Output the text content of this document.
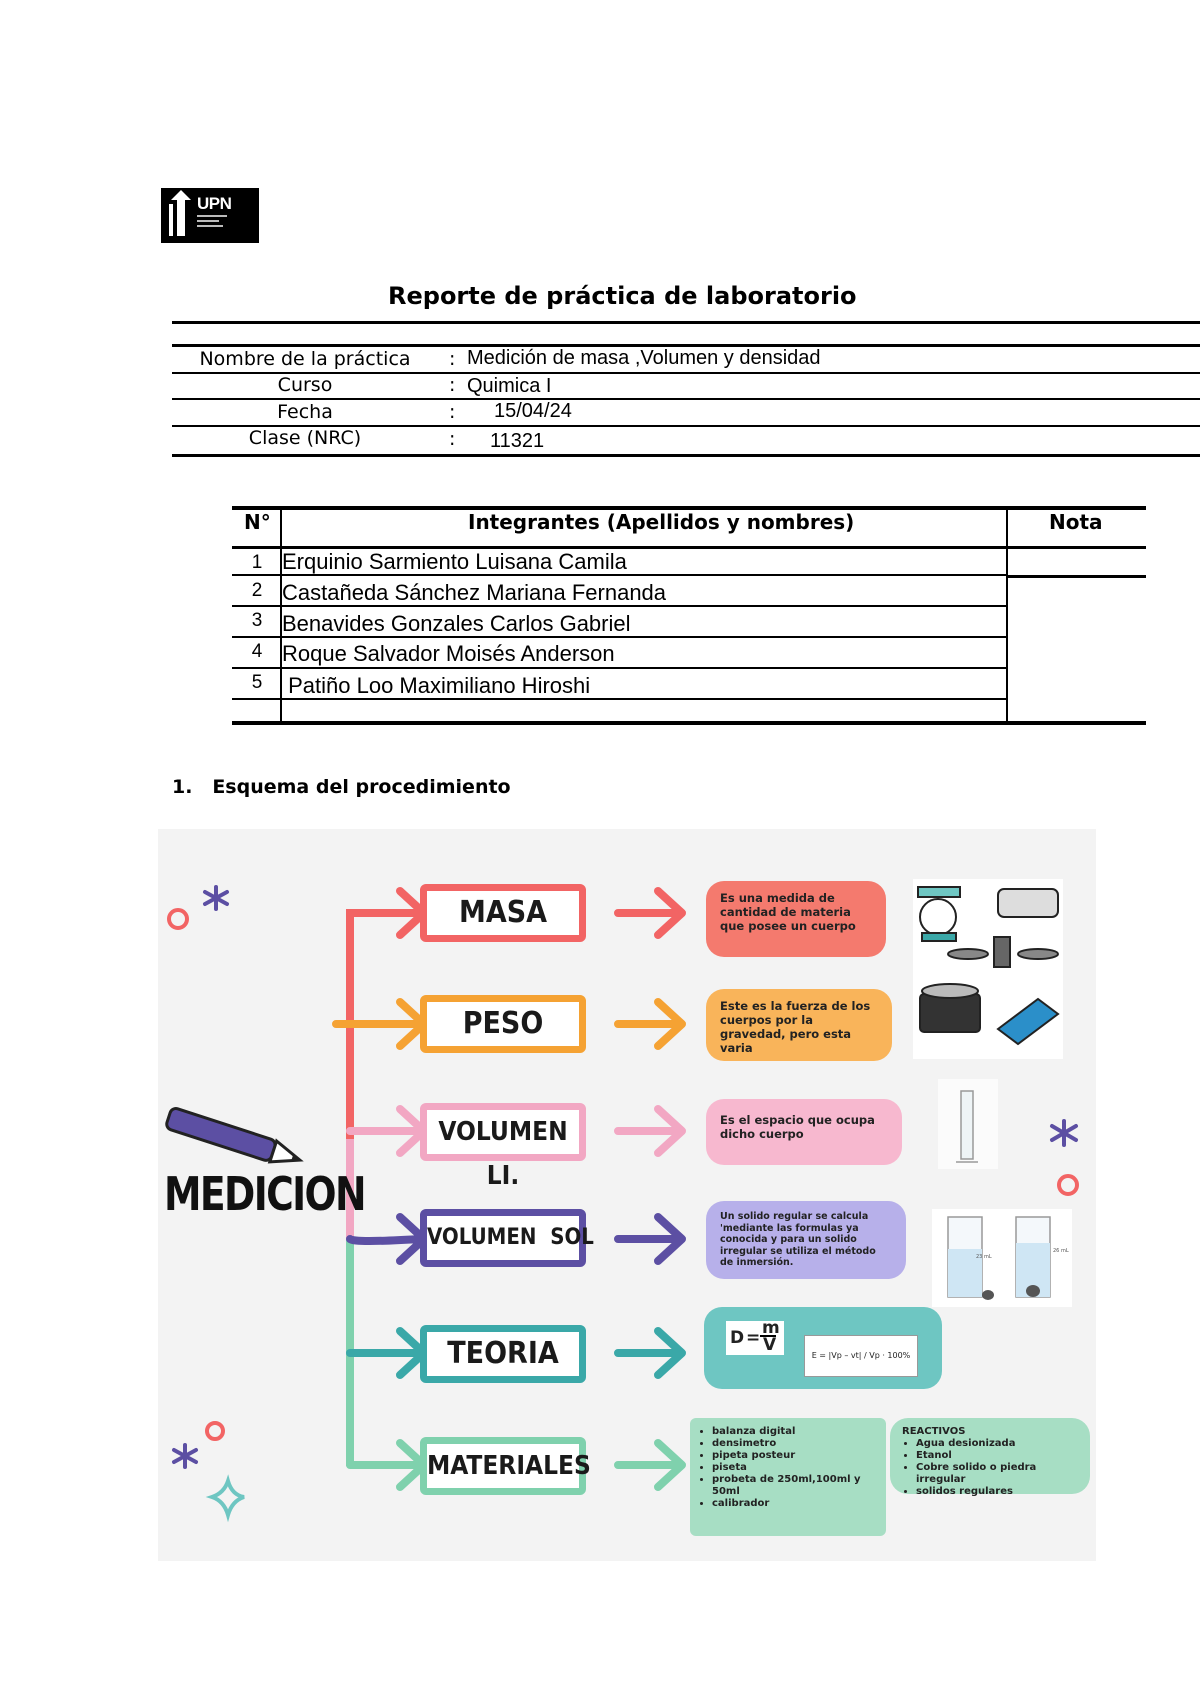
UPN
Reporte de práctica de laboratorio
Nombre de la práctica	: Medición de masa ,Volumen y densidad
Curso	: Quimica I
Fecha	: 15/04/24
Clase (NRC)	: 11321
N°	Integrantes (Apellidos y nombres)	Nota
1 Erquinio Sarmiento Luisana Camila
2 Castañeda Sánchez Mariana Fernanda
3 Benavides Gonzales Carlos Gabriel
4 Roque Salvador Moisés Anderson
5 Patiño Loo Maximiliano Hiroshi
1. Esquema del procedimiento
MEDICION
MASA
PESO
VOLUMEN LI.
VOLUMEN  SOL
TEORIA
MATERIALES
Es una medida de cantidad de materia que posee un cuerpo
Este es la fuerza de los cuerpos por la gravedad, pero esta varia
Es el espacio que ocupa dicho cuerpo
Un solido regular se calcula 'mediante las formulas ya conocida y para un solido irregular se utiliza el método de inmersión.
D = m
V
E = |Vp – vt| / Vp · 100%
• balanza digital
• densimetro
• pipeta posteur
• piseta
• probeta de 250ml,100ml y 50ml
• calibrador
REACTIVOS
• Agua desionizada
• Etanol
• Cobre solido o piedra irregular
• solidos regulares
23 mL
26 mL
